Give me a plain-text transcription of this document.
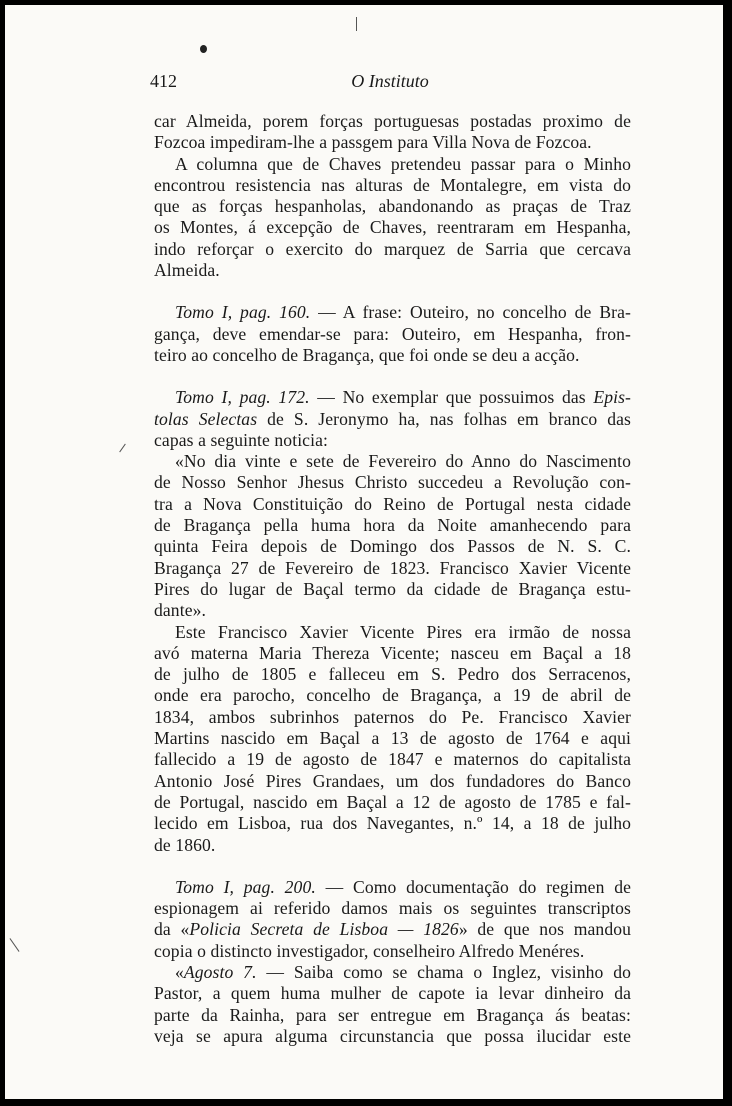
412	O Instituto
car Almeida, porem forças portuguesas postadas proximo de
Fozcoa impediram-lhe a passgem para Villa Nova de Fozcoa.
A columna que de Chaves pretendeu passar para o Minho
encontrou resistencia nas alturas de Montalegre, em vista do
que as forças hespanholas, abandonando as praças de Traz
os Montes, á excepção de Chaves, reentraram em Hespanha,
indo reforçar o exercito do marquez de Sarria que cercava
Almeida.
Tomo I, pag. 160. — A frase: Outeiro, no concelho de Bra-
gança, deve emendar-se para: Outeiro, em Hespanha, fron-
teiro ao concelho de Bragança, que foi onde se deu a acção.
Tomo I, pag. 172. — No exemplar que possuimos das Epis-
tolas Selectas de S. Jeronymo ha, nas folhas em branco das
capas a seguinte noticia:
«No dia vinte e sete de Fevereiro do Anno do Nascimento
de Nosso Senhor Jhesus Christo succedeu a Revolução con-
tra a Nova Constituição do Reino de Portugal nesta cidade
de Bragança pella huma hora da Noite amanhecendo para
quinta Feira depois de Domingo dos Passos de N. S. C.
Bragança 27 de Fevereiro de 1823. Francisco Xavier Vicente
Pires do lugar de Baçal termo da cidade de Bragança estu-
dante».
Este Francisco Xavier Vicente Pires era irmão de nossa
avó materna Maria Thereza Vicente; nasceu em Baçal a 18
de julho de 1805 e falleceu em S. Pedro dos Serracenos,
onde era parocho, concelho de Bragança, a 19 de abril de
1834, ambos subrinhos paternos do Pe. Francisco Xavier
Martins nascido em Baçal a 13 de agosto de 1764 e aqui
fallecido a 19 de agosto de 1847 e maternos do capitalista
Antonio José Pires Grandaes, um dos fundadores do Banco
de Portugal, nascido em Baçal a 12 de agosto de 1785 e fal-
lecido em Lisboa, rua dos Navegantes, n.º 14, a 18 de julho
de 1860.
Tomo I, pag. 200. — Como documentação do regimen de
espionagem ai referido damos mais os seguintes transcriptos
da «Policia Secreta de Lisboa — 1826» de que nos mandou
copia o distincto investigador, conselheiro Alfredo Menéres.
«Agosto 7. — Saiba como se chama o Inglez, visinho do
Pastor, a quem huma mulher de capote ia levar dinheiro da
parte da Rainha, para ser entregue em Bragança ás beatas:
veja se apura alguma circunstancia que possa ilucidar este
